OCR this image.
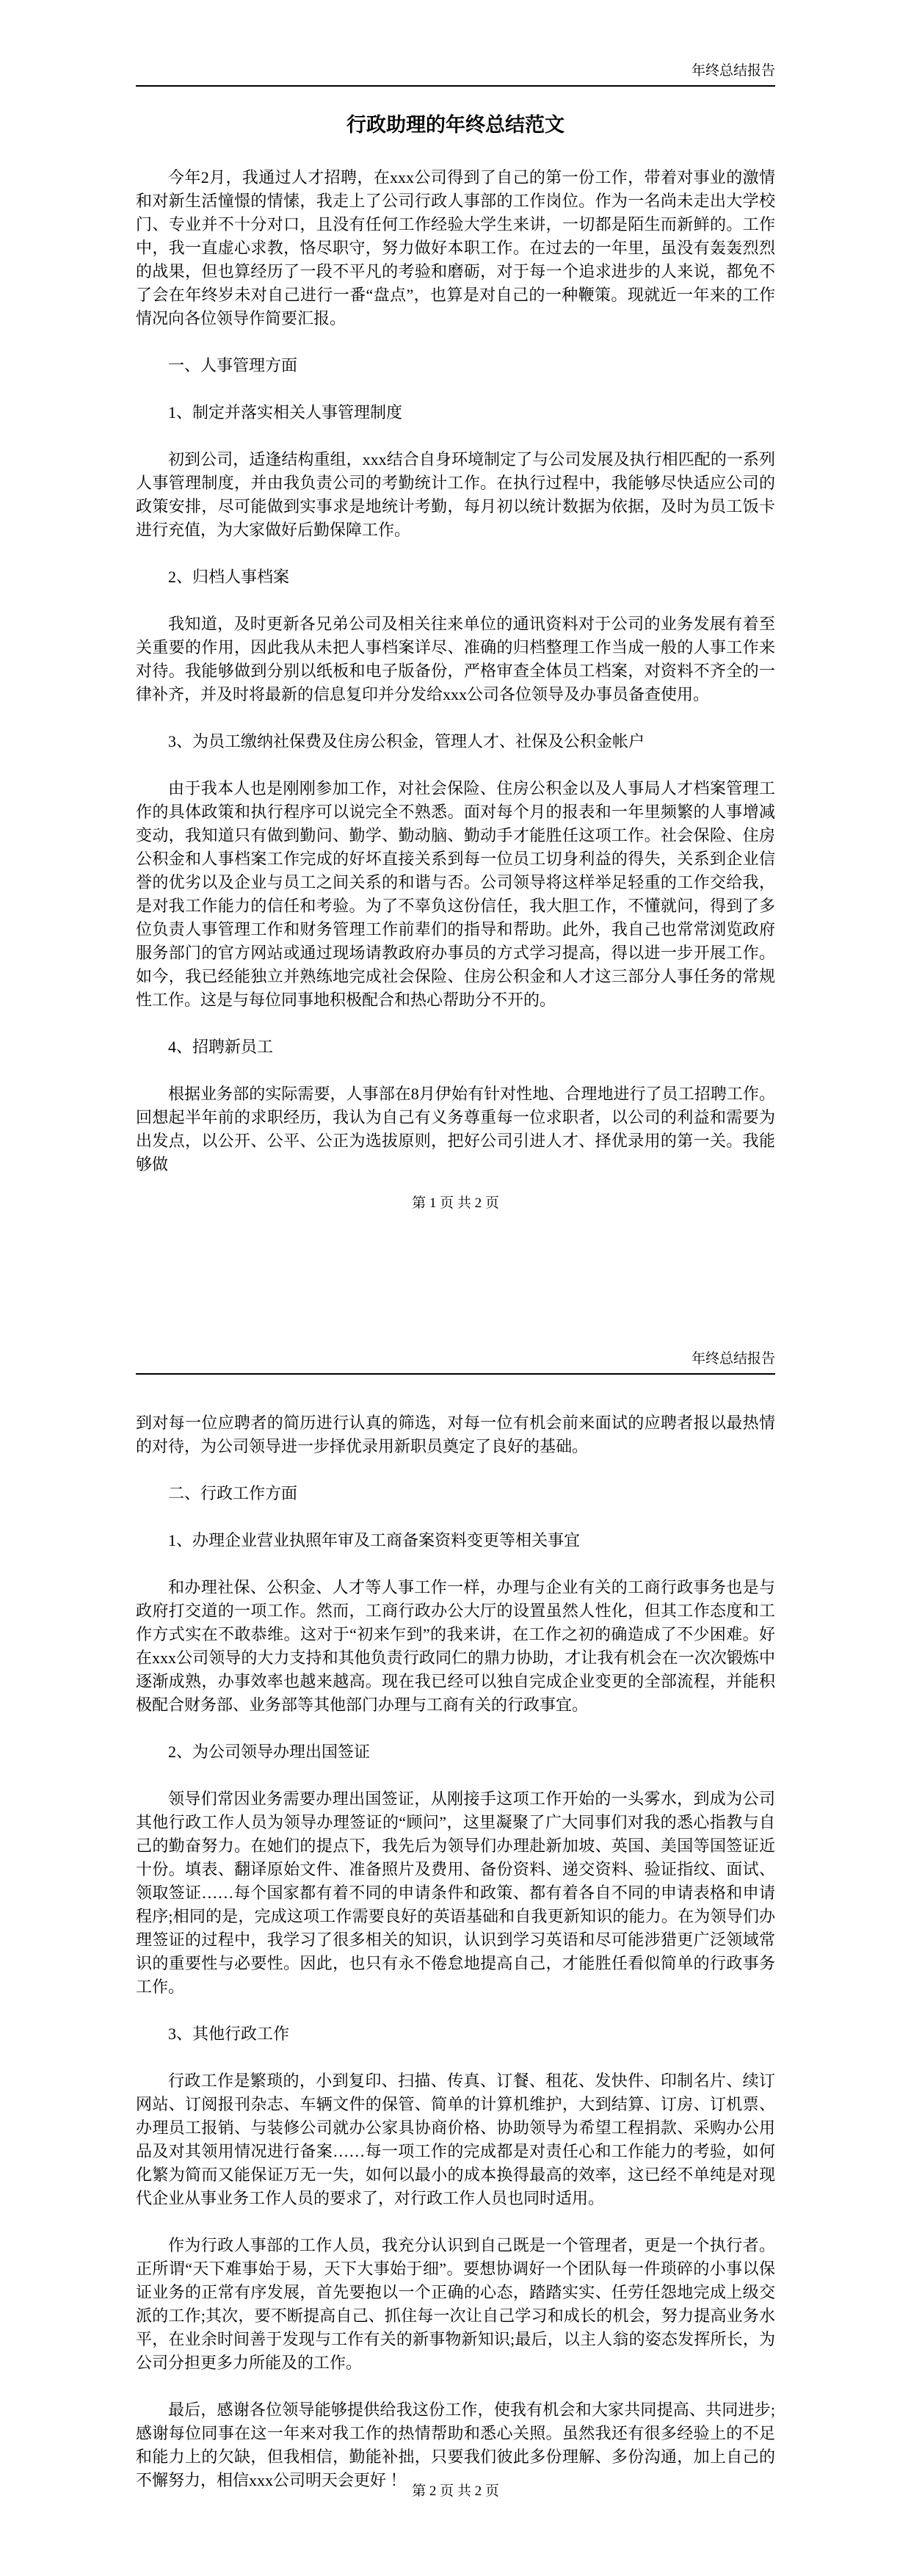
年终总结报告
行政助理的年终总结范文

今年2月，我通过人才招聘，在xxx公司得到了自己的第一份工作，带着对事业的激情和对新生活憧憬的情愫，我走上了公司行政人事部的工作岗位。作为一名尚未走出大学校门、专业并不十分对口，且没有任何工作经验大学生来讲，一切都是陌生而新鲜的。工作中，我一直虚心求教，恪尽职守，努力做好本职工作。在过去的一年里，虽没有轰轰烈烈的战果，但也算经历了一段不平凡的考验和磨砺，对于每一个追求进步的人来说，都免不了会在年终岁未对自己进行一番“盘点”，也算是对自己的一种鞭策。现就近一年来的工作情况向各位领导作简要汇报。

一、人事管理方面

1、制定并落实相关人事管理制度

初到公司，适逢结构重组，xxx结合自身环境制定了与公司发展及执行相匹配的一系列人事管理制度，并由我负责公司的考勤统计工作。在执行过程中，我能够尽快适应公司的政策安排，尽可能做到实事求是地统计考勤，每月初以统计数据为依据，及时为员工饭卡进行充值，为大家做好后勤保障工作。

2、归档人事档案

我知道，及时更新各兄弟公司及相关往来单位的通讯资料对于公司的业务发展有着至关重要的作用，因此我从未把人事档案详尽、准确的归档整理工作当成一般的人事工作来对待。我能够做到分别以纸板和电子版备份，严格审查全体员工档案，对资料不齐全的一律补齐，并及时将最新的信息复印并分发给xxx公司各位领导及办事员备查使用。

3、为员工缴纳社保费及住房公积金，管理人才、社保及公积金帐户

由于我本人也是刚刚参加工作，对社会保险、住房公积金以及人事局人才档案管理工作的具体政策和执行程序可以说完全不熟悉。面对每个月的报表和一年里频繁的人事增减变动，我知道只有做到勤问、勤学、勤动脑、勤动手才能胜任这项工作。社会保险、住房公积金和人事档案工作完成的好坏直接关系到每一位员工切身利益的得失，关系到企业信誉的优劣以及企业与员工之间关系的和谐与否。公司领导将这样举足轻重的工作交给我，是对我工作能力的信任和考验。为了不辜负这份信任，我大胆工作，不懂就问，得到了多位负责人事管理工作和财务管理工作前辈们的指导和帮助。此外，我自己也常常浏览政府服务部门的官方网站或通过现场请教政府办事员的方式学习提高，得以进一步开展工作。如今，我已经能独立并熟练地完成社会保险、住房公积金和人才这三部分人事任务的常规性工作。这是与每位同事地积极配合和热心帮助分不开的。

4、招聘新员工

根据业务部的实际需要，人事部在8月伊始有针对性地、合理地进行了员工招聘工作。回想起半年前的求职经历，我认为自己有义务尊重每一位求职者，以公司的利益和需要为出发点，以公开、公平、公正为选拔原则，把好公司引进人才、择优录用的第一关。我能够做

第 1 页 共 2 页
年终总结报告

到对每一位应聘者的简历进行认真的筛选，对每一位有机会前来面试的应聘者报以最热情的对待，为公司领导进一步择优录用新职员奠定了良好的基础。

二、行政工作方面

1、办理企业营业执照年审及工商备案资料变更等相关事宜

和办理社保、公积金、人才等人事工作一样，办理与企业有关的工商行政事务也是与政府打交道的一项工作。然而，工商行政办公大厅的设置虽然人性化，但其工作态度和工作方式实在不敢恭维。这对于“初来乍到”的我来讲，在工作之初的确造成了不少困难。好在xxx公司领导的大力支持和其他负责行政同仁的鼎力协助，才让我有机会在一次次锻炼中逐渐成熟，办事效率也越来越高。现在我已经可以独自完成企业变更的全部流程，并能积极配合财务部、业务部等其他部门办理与工商有关的行政事宜。

2、为公司领导办理出国签证

领导们常因业务需要办理出国签证，从刚接手这项工作开始的一头雾水，到成为公司其他行政工作人员为领导办理签证的“顾问”，这里凝聚了广大同事们对我的悉心指教与自己的勤奋努力。在她们的提点下，我先后为领导们办理赴新加坡、英国、美国等国签证近十份。填表、翻译原始文件、准备照片及费用、备份资料、递交资料、验证指纹、面试、领取签证……每个国家都有着不同的申请条件和政策、都有着各自不同的申请表格和申请程序;相同的是，完成这项工作需要良好的英语基础和自我更新知识的能力。在为领导们办理签证的过程中，我学习了很多相关的知识，认识到学习英语和尽可能涉猎更广泛领域常识的重要性与必要性。因此，也只有永不倦怠地提高自己，才能胜任看似简单的行政事务工作。

3、其他行政工作

行政工作是繁琐的，小到复印、扫描、传真、订餐、租花、发快件、印制名片、续订网站、订阅报刊杂志、车辆文件的保管、简单的计算机维护，大到结算、订房、订机票、办理员工报销、与装修公司就办公家具协商价格、协助领导为希望工程捐款、采购办公用品及对其领用情况进行备案……每一项工作的完成都是对责任心和工作能力的考验，如何化繁为简而又能保证万无一失，如何以最小的成本换得最高的效率，这已经不单纯是对现代企业从事业务工作人员的要求了，对行政工作人员也同时适用。

作为行政人事部的工作人员，我充分认识到自己既是一个管理者，更是一个执行者。正所谓“天下难事始于易，天下大事始于细”。要想协调好一个团队每一件琐碎的小事以保证业务的正常有序发展，首先要抱以一个正确的心态，踏踏实实、任劳任怨地完成上级交派的工作;其次，要不断提高自己、抓住每一次让自己学习和成长的机会，努力提高业务水平，在业余时间善于发现与工作有关的新事物新知识;最后，以主人翁的姿态发挥所长，为公司分担更多力所能及的工作。

最后，感谢各位领导能够提供给我这份工作，使我有机会和大家共同提高、共同进步;感谢每位同事在这一年来对我工作的热情帮助和悉心关照。虽然我还有很多经验上的不足和能力上的欠缺，但我相信，勤能补拙，只要我们彼此多份理解、多份沟通，加上自己的不懈努力，相信xxx公司明天会更好 ！

第 2 页 共 2 页
